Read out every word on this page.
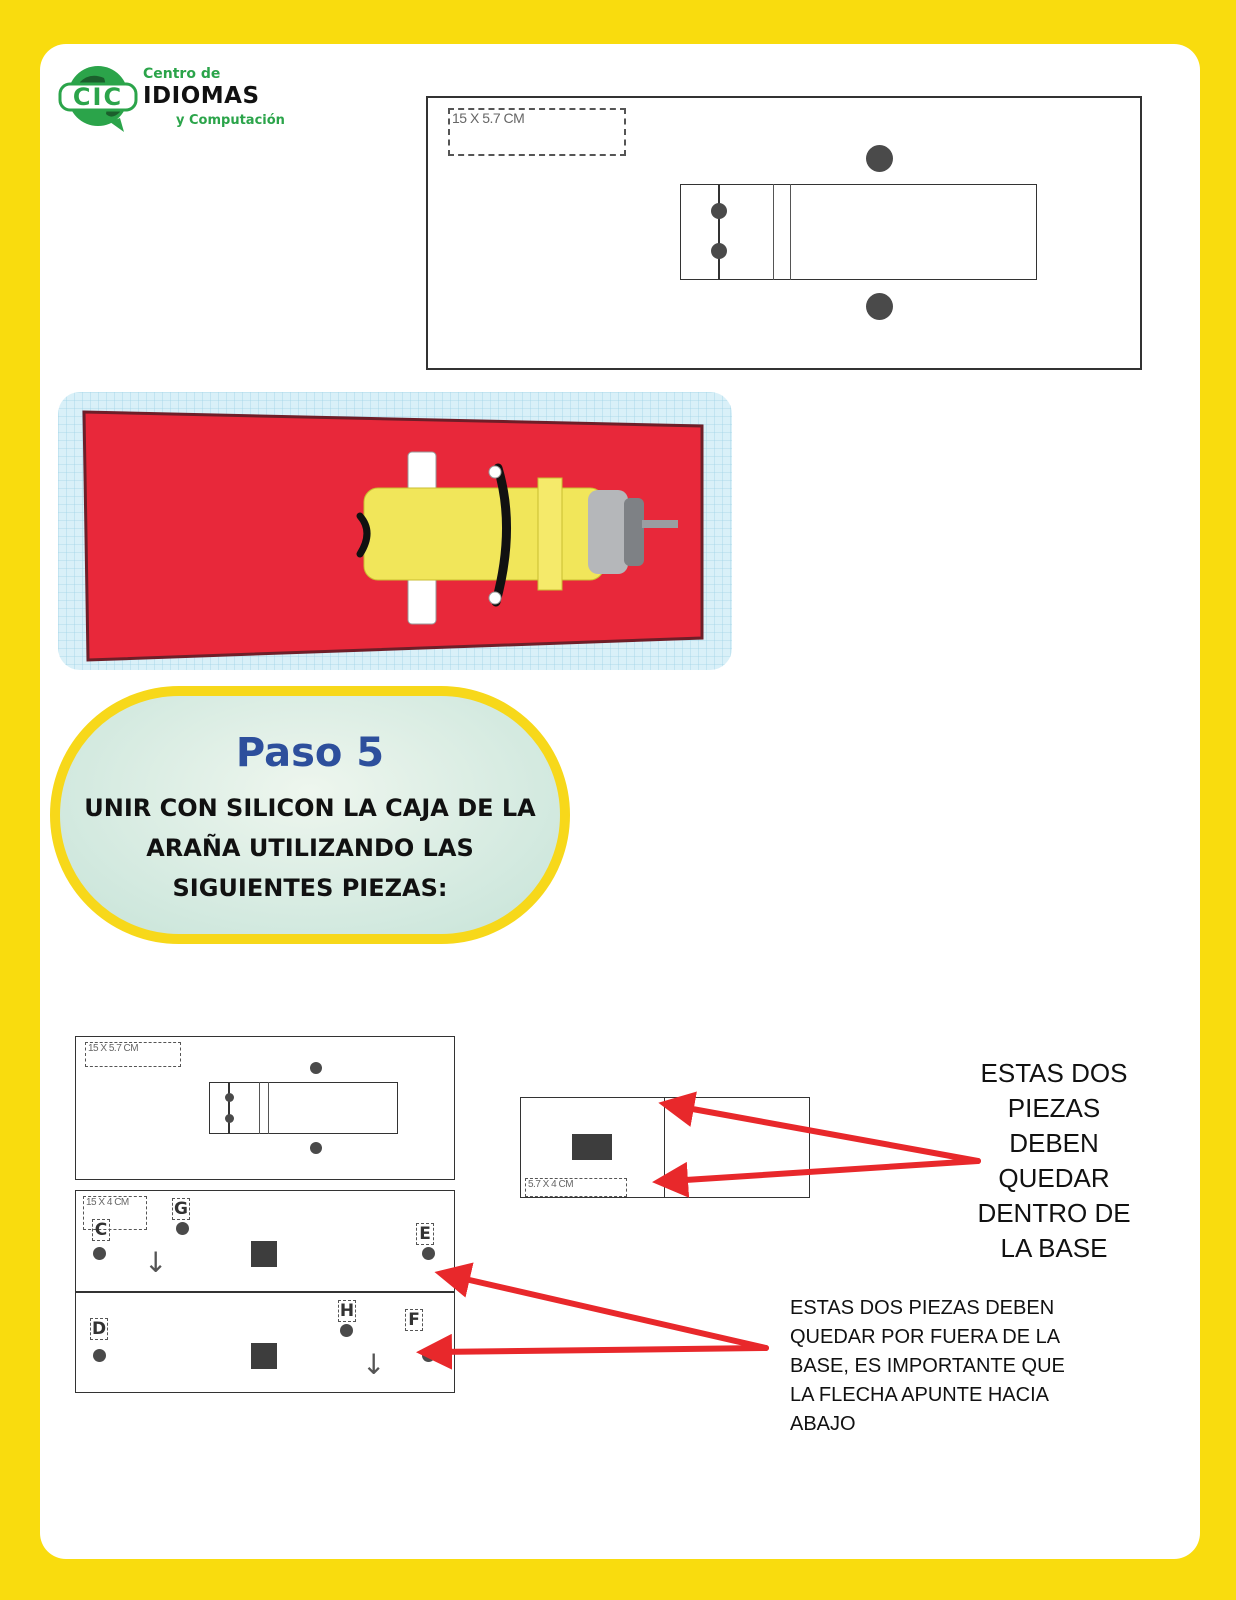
CIC
Centro de
IDIOMAS
y Computación	15 X 5.7 CM
Paso 5
UNIR CON SILICON LA CAJA DE LA ARAÑA UTILIZANDO LAS SIGUIENTES PIEZAS:
15 X 5.7 CM
15 X 4 CM
C
G
E
↓
D
H	F
↓
5.7 X 4 CM
ESTAS DOS PIEZAS DEBEN QUEDAR DENTRO DE LA BASE
ESTAS DOS PIEZAS DEBEN QUEDAR POR FUERA DE LA BASE, ES IMPORTANTE QUE LA FLECHA APUNTE HACIA ABAJO
